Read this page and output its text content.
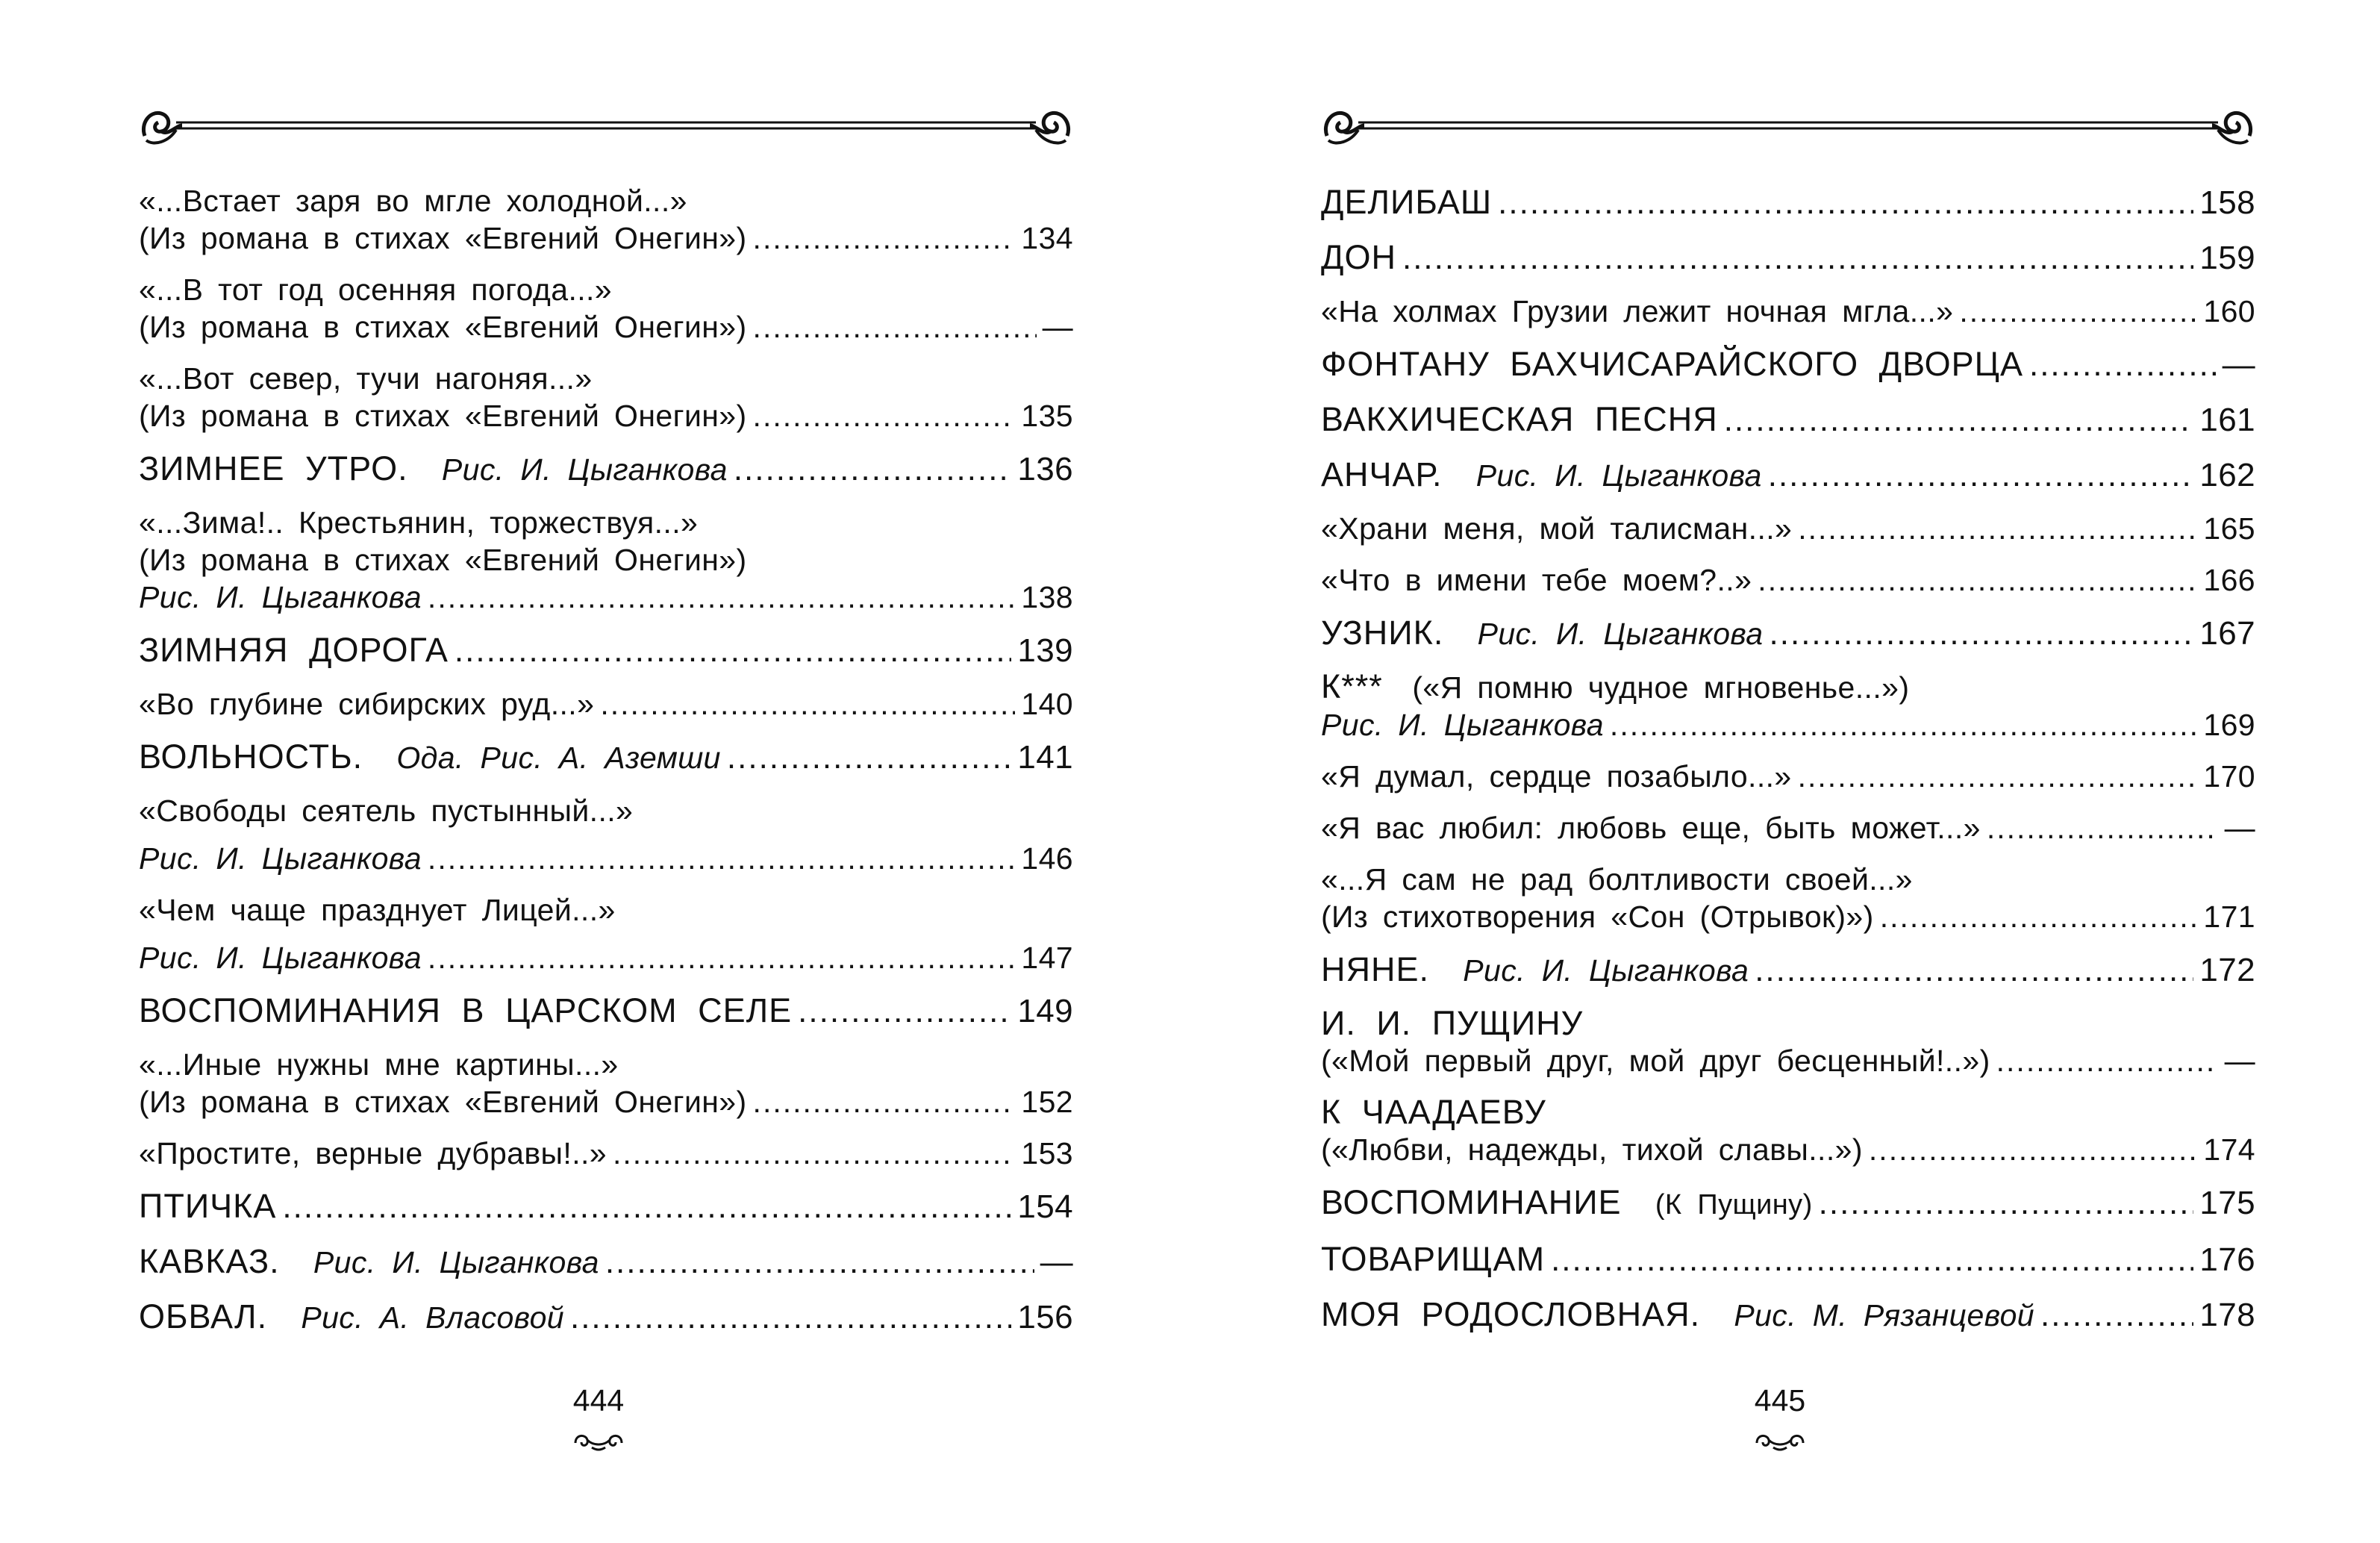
«...Встает заря во мгле холодной...»
(Из романа в стихах «Евгений Онегин») .....	134
«...В тот год осенняя погода...»
(Из романа в стихах «Евгений Онегин») .....	—
«...Вот север, тучи нагоняя...»
(Из романа в стихах «Евгений Онегин») .....	135
ЗИМНЕЕ УТРО. Рис. И. Цыганкова .....	136
«...Зима!.. Крестьянин, торжествуя...»
(Из романа в стихах «Евгений Онегин»)
Рис. И. Цыганкова .....	138
ЗИМНЯЯ ДОРОГА .....	139
«Во глубине сибирских руд...» .....	140
ВОЛЬНОСТЬ. Ода. Рис. А. Аземши .....	141
«Свободы сеятель пустынный...»
Рис. И. Цыганкова .....	146
«Чем чаще празднует Лицей...»
Рис. И. Цыганкова .....	147
ВОСПОМИНАНИЯ В ЦАРСКОМ СЕЛЕ .....	149
«...Иные нужны мне картины...»
(Из романа в стихах «Евгений Онегин») .....	152
«Простите, верные дубравы!..» .....	153
ПТИЧКА .....	154
КАВКАЗ. Рис. И. Цыганкова .....	—
ОБВАЛ. Рис. А. Власовой .....	156
444
ДЕЛИБАШ .....	158
ДОН .....	159
«На холмах Грузии лежит ночная мгла...» .....	160
ФОНТАНУ БАХЧИСАРАЙСКОГО ДВОРЦА .....	—
ВАКХИЧЕСКАЯ ПЕСНЯ .....	161
АНЧАР. Рис. И. Цыганкова .....	162
«Храни меня, мой талисман...» .....	165
«Что в имени тебе моем?..» .....	166
УЗНИК. Рис. И. Цыганкова .....	167
К*** («Я помню чудное мгновенье...»)
Рис. И. Цыганкова .....	169
«Я думал, сердце позабыло...» .....	170
«Я вас любил: любовь еще, быть может...» .....	—
«...Я сам не рад болтливости своей...»
(Из стихотворения «Сон (Отрывок)») .....	171
НЯНЕ. Рис. И. Цыганкова .....	172
И. И. ПУЩИНУ
(«Мой первый друг, мой друг бесценный!..») .....	—
К ЧААДАЕВУ
(«Любви, надежды, тихой славы...») .....	174
ВОСПОМИНАНИЕ (К Пущину) .....	175
ТОВАРИЩАМ .....	176
МОЯ РОДОСЛОВНАЯ. Рис. М. Рязанцевой .....	178
445
